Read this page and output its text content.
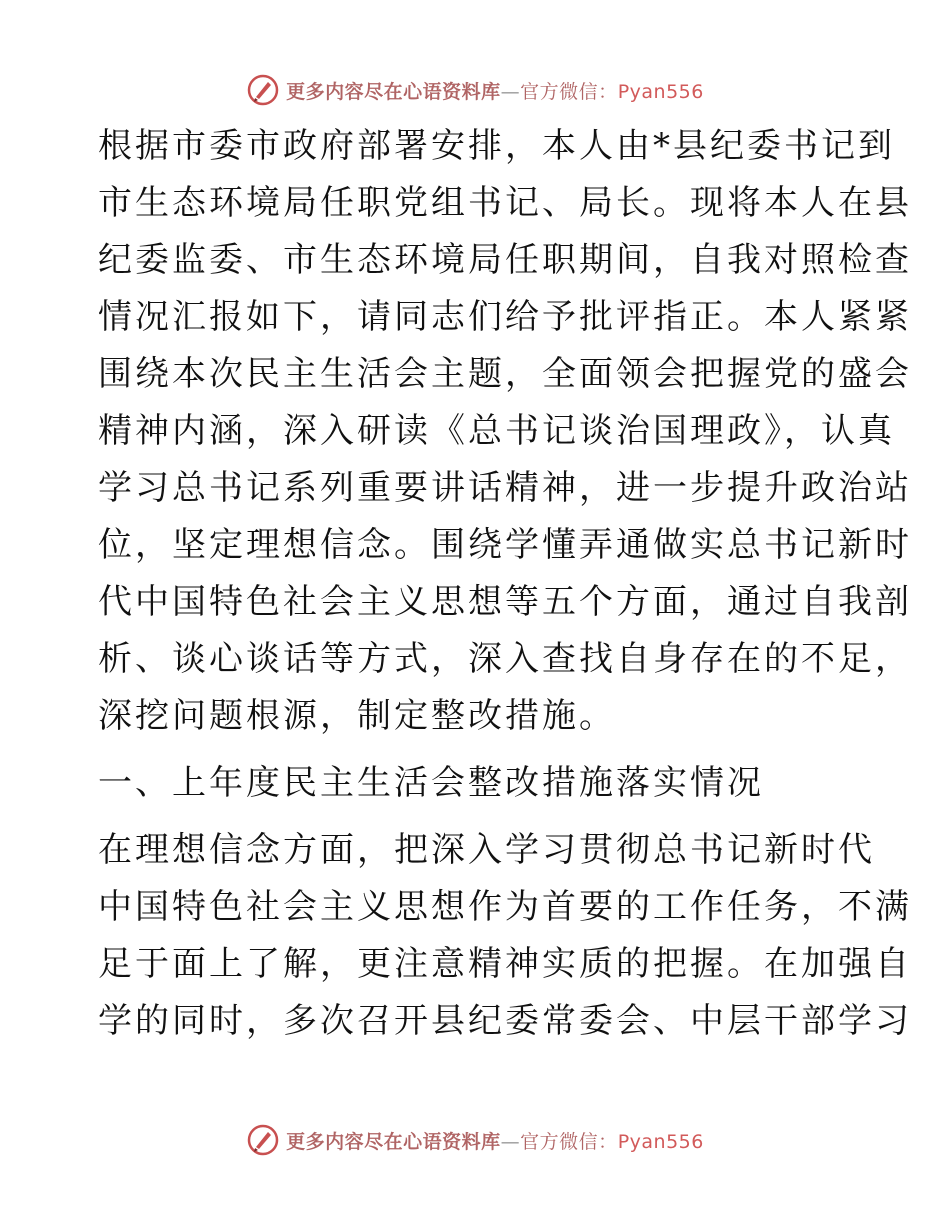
更多内容尽在心语资料库—官方微信：Pyan556
根据市委市政府部署安排，本人由*县纪委书记到
市生态环境局任职党组书记、局长。现将本人在县
纪委监委、市生态环境局任职期间，自我对照检查
情况汇报如下，请同志们给予批评指正。本人紧紧
围绕本次民主生活会主题，全面领会把握党的盛会
精神内涵，深入研读《总书记谈治国理政》，认真
学习总书记系列重要讲话精神，进一步提升政治站
位，坚定理想信念。围绕学懂弄通做实总书记新时
代中国特色社会主义思想等五个方面，通过自我剖
析、谈心谈话等方式，深入查找自身存在的不足，
深挖问题根源，制定整改措施。
一、上年度民主生活会整改措施落实情况
在理想信念方面，把深入学习贯彻总书记新时代
中国特色社会主义思想作为首要的工作任务，不满
足于面上了解，更注意精神实质的把握。在加强自
学的同时，多次召开县纪委常委会、中层干部学习
更多内容尽在心语资料库—官方微信：Pyan556
